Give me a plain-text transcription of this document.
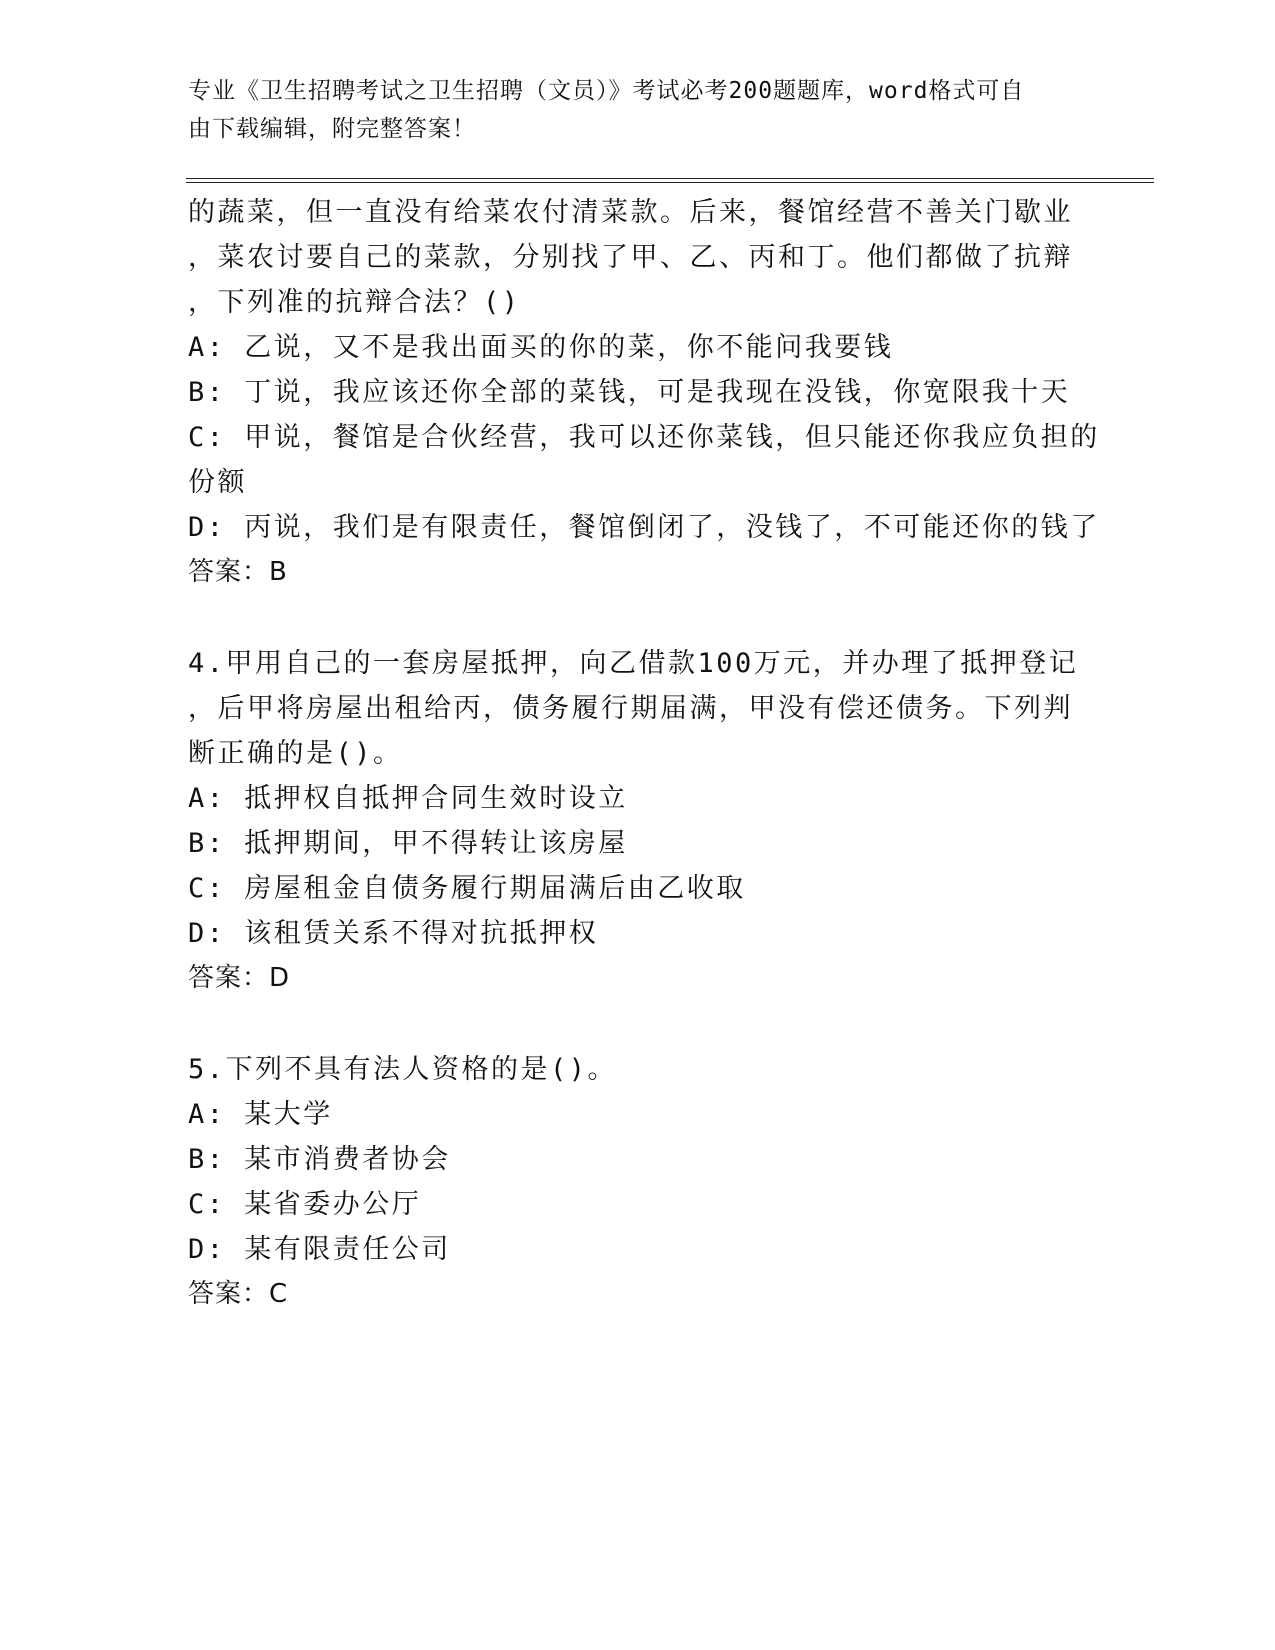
专业《卫生招聘考试之卫生招聘（文员）》考试必考200题题库，word格式可自
由下载编辑，附完整答案！
的蔬菜，但一直没有给菜农付清菜款。后来，餐馆经营不善关门歇业
，菜农讨要自己的菜款，分别找了甲、乙、丙和丁。他们都做了抗辩
，下列准的抗辩合法？()
A: 乙说，又不是我出面买的你的菜，你不能问我要钱
B: 丁说，我应该还你全部的菜钱，可是我现在没钱，你宽限我十天
C: 甲说，餐馆是合伙经营，我可以还你菜钱，但只能还你我应负担的
份额
D: 丙说，我们是有限责任，餐馆倒闭了，没钱了，不可能还你的钱了
答案：B
4.甲用自己的一套房屋抵押，向乙借款100万元，并办理了抵押登记
，后甲将房屋出租给丙，债务履行期届满，甲没有偿还债务。下列判
断正确的是()。
A: 抵押权自抵押合同生效时设立
B: 抵押期间，甲不得转让该房屋
C: 房屋租金自债务履行期届满后由乙收取
D: 该租赁关系不得对抗抵押权
答案：D
5.下列不具有法人资格的是()。
A: 某大学
B: 某市消费者协会
C: 某省委办公厅
D: 某有限责任公司
答案：C
